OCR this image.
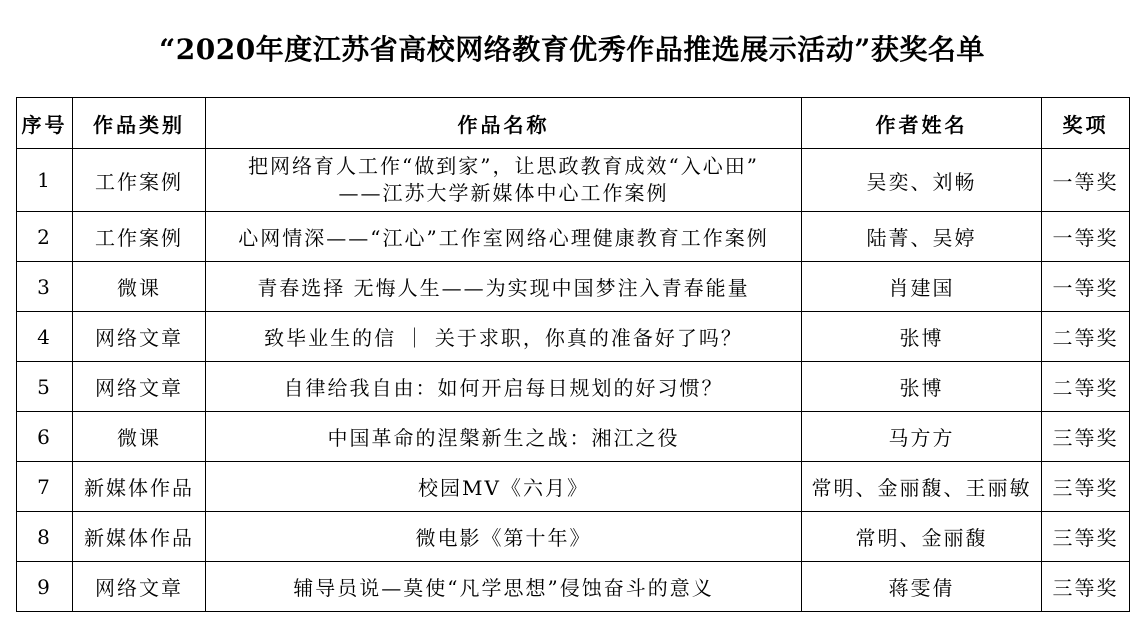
“2020年度江苏省高校网络教育优秀作品推选展示活动”获奖名单
序号	作品类别	作品名称	作者姓名	奖项
1	工作案例	把网络育人工作“做到家”，让思政教育成效“入心田”
——江苏大学新媒体中心工作案例	吴奕、刘畅	一等奖
2	工作案例	心网情深——“江心”工作室网络心理健康教育工作案例	陆菁、吴婷	一等奖
3	微课	青春选择 无悔人生——为实现中国梦注入青春能量	肖建国	一等奖
4	网络文章	致毕业生的信 ｜ 关于求职，你真的准备好了吗？	张博	二等奖
5	网络文章	自律给我自由：如何开启每日规划的好习惯？	张博	二等奖
6	微课	中国革命的涅槃新生之战：湘江之役	马方方	三等奖
7	新媒体作品	校园MV《六月》	常明、金丽馥、王丽敏	三等奖
8	新媒体作品	微电影《第十年》	常明、金丽馥	三等奖
9	网络文章	辅导员说—莫使“凡学思想”侵蚀奋斗的意义	蒋雯倩	三等奖
